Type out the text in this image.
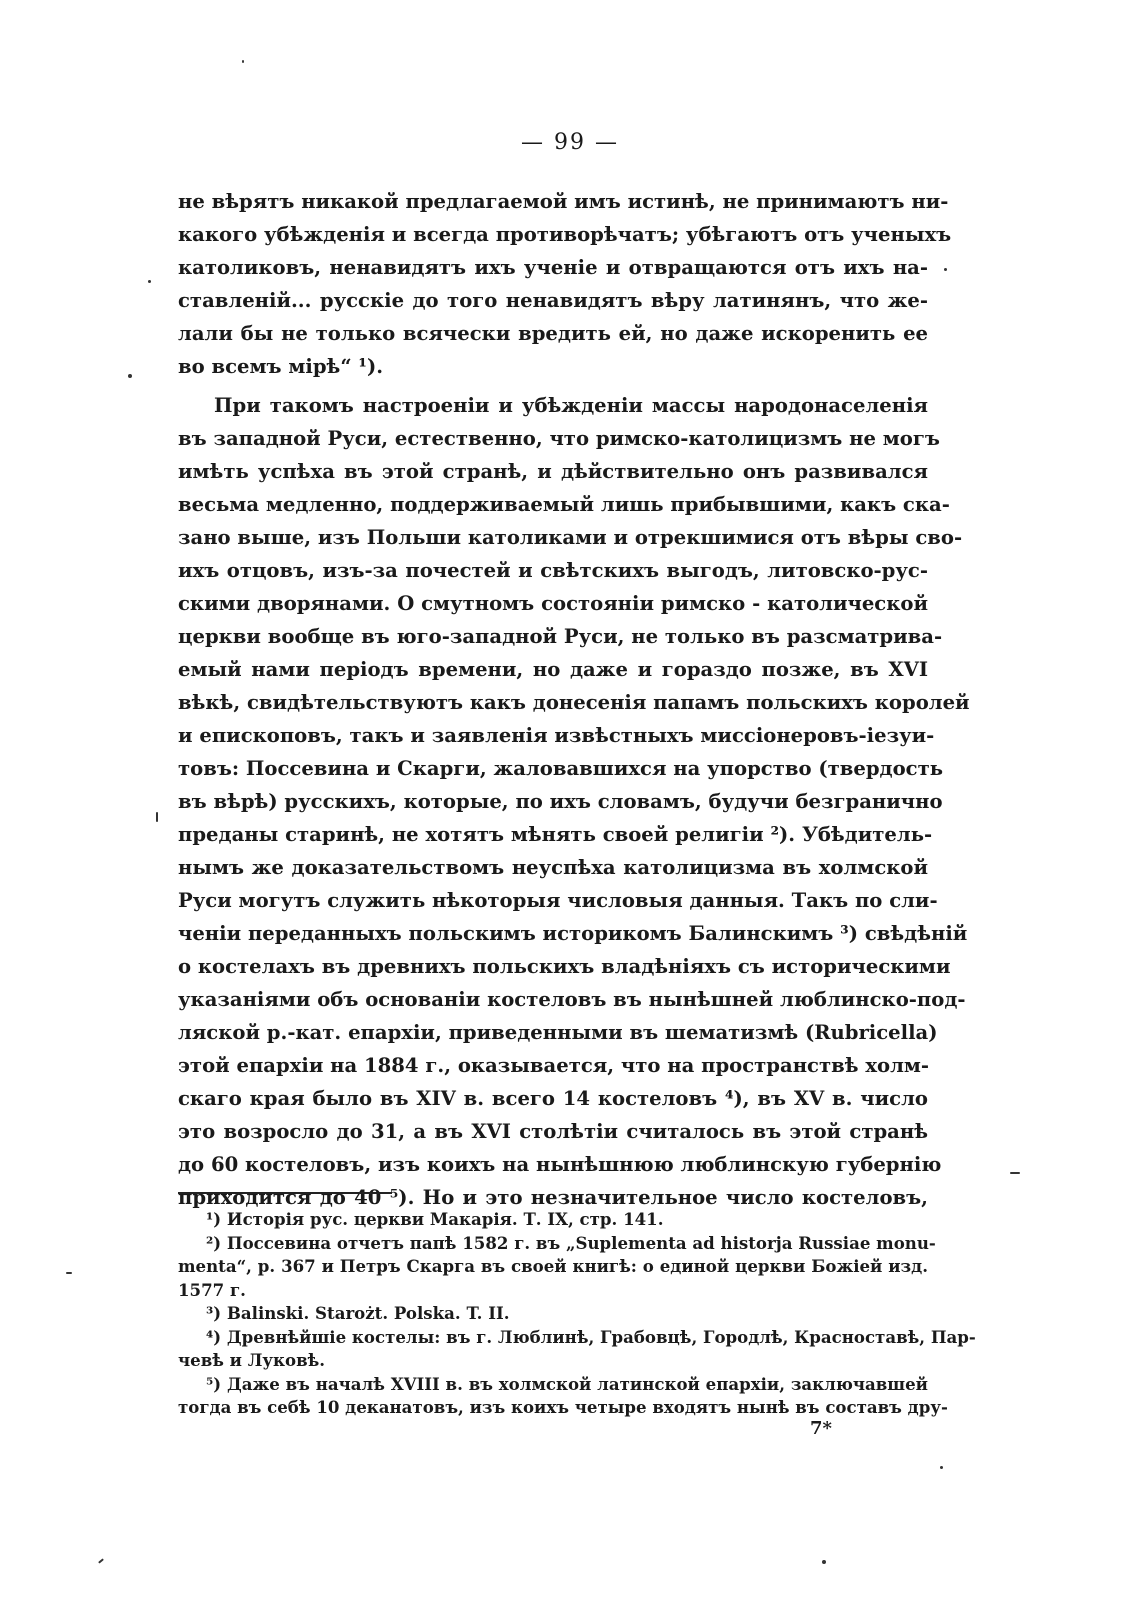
— 99 —

не вѣрятъ никакой предлагаемой имъ истинѣ, не принимаютъ ни-
какого убѣжденія и всегда противорѣчатъ; убѣгаютъ отъ ученыхъ
католиковъ, ненавидятъ ихъ ученіе и отвращаются отъ ихъ на-
ставленій... русскіе до того ненавидятъ вѣру латинянъ, что же-
лали бы не только всячески вредить ей, но даже искоренить ее
во всемъ мірѣ“ ¹).
При такомъ настроеніи и убѣжденіи массы народонаселенія
въ западной Руси, естественно, что римско-католицизмъ не могъ
имѣть успѣха въ этой странѣ, и дѣйствительно онъ развивался
весьма медленно, поддерживаемый лишь прибывшими, какъ ска-
зано выше, изъ Польши католиками и отрекшимися отъ вѣры сво-
ихъ отцовъ, изъ-за почестей и свѣтскихъ выгодъ, литовско-рус-
скими дворянами. О смутномъ состояніи римско - католической
церкви вообще въ юго-западной Руси, не только въ разсматрива-
емый нами періодъ времени, но даже и гораздо позже, въ XVI
вѣкѣ, свидѣтельствуютъ какъ донесенія папамъ польскихъ королей
и епископовъ, такъ и заявленія извѣстныхъ миссіонеровъ-іезуи-
товъ: Поссевина и Скарги, жаловавшихся на упорство (твердость
въ вѣрѣ) русскихъ, которые, по ихъ словамъ, будучи безгранично
преданы старинѣ, не хотятъ мѣнять своей религіи ²). Убѣдитель-
нымъ же доказательствомъ неуспѣха католицизма въ холмской
Руси могутъ служить нѣкоторыя числовыя данныя. Такъ по сли-
ченіи переданныхъ польскимъ историкомъ Балинскимъ ³) свѣдѣній
о костелахъ въ древнихъ польскихъ владѣніяхъ съ историческими
указаніями объ основаніи костеловъ въ нынѣшней люблинско-под-
ляской р.-кат. епархіи, приведенными въ шематизмѣ (Rubricella)
этой епархіи на 1884 г., оказывается, что на пространствѣ холм-
скаго края было въ XIV в. всего 14 костеловъ ⁴), въ XV в. число
это возросло до 31, а въ XVI столѣтіи считалось въ этой странѣ
до 60 костеловъ, изъ коихъ на нынѣшнюю люблинскую губернію
приходится до 40 ⁵). Но и это незначительное число костеловъ,
¹) Исторія рус. церкви Макарія. Т. IX, стр. 141.
²) Поссевина отчетъ папѣ 1582 г. въ „Suplementa ad historja Russiae monu-
menta“, p. 367 и Петръ Скарга въ своей книгѣ: о единой церкви Божіей изд.
1577 г.
³) Balinski. Starożt. Polska. T. II.
⁴) Древнѣйшіе костелы: въ г. Люблинѣ, Грабовцѣ, Городлѣ, Красноставѣ, Пар-
чевѣ и Луковѣ.
⁵) Даже въ началѣ XVIII в. въ холмской латинской епархіи, заключавшей
тогда въ себѣ 10 деканатовъ, изъ коихъ четыре входятъ нынѣ въ составъ дру-
7*
